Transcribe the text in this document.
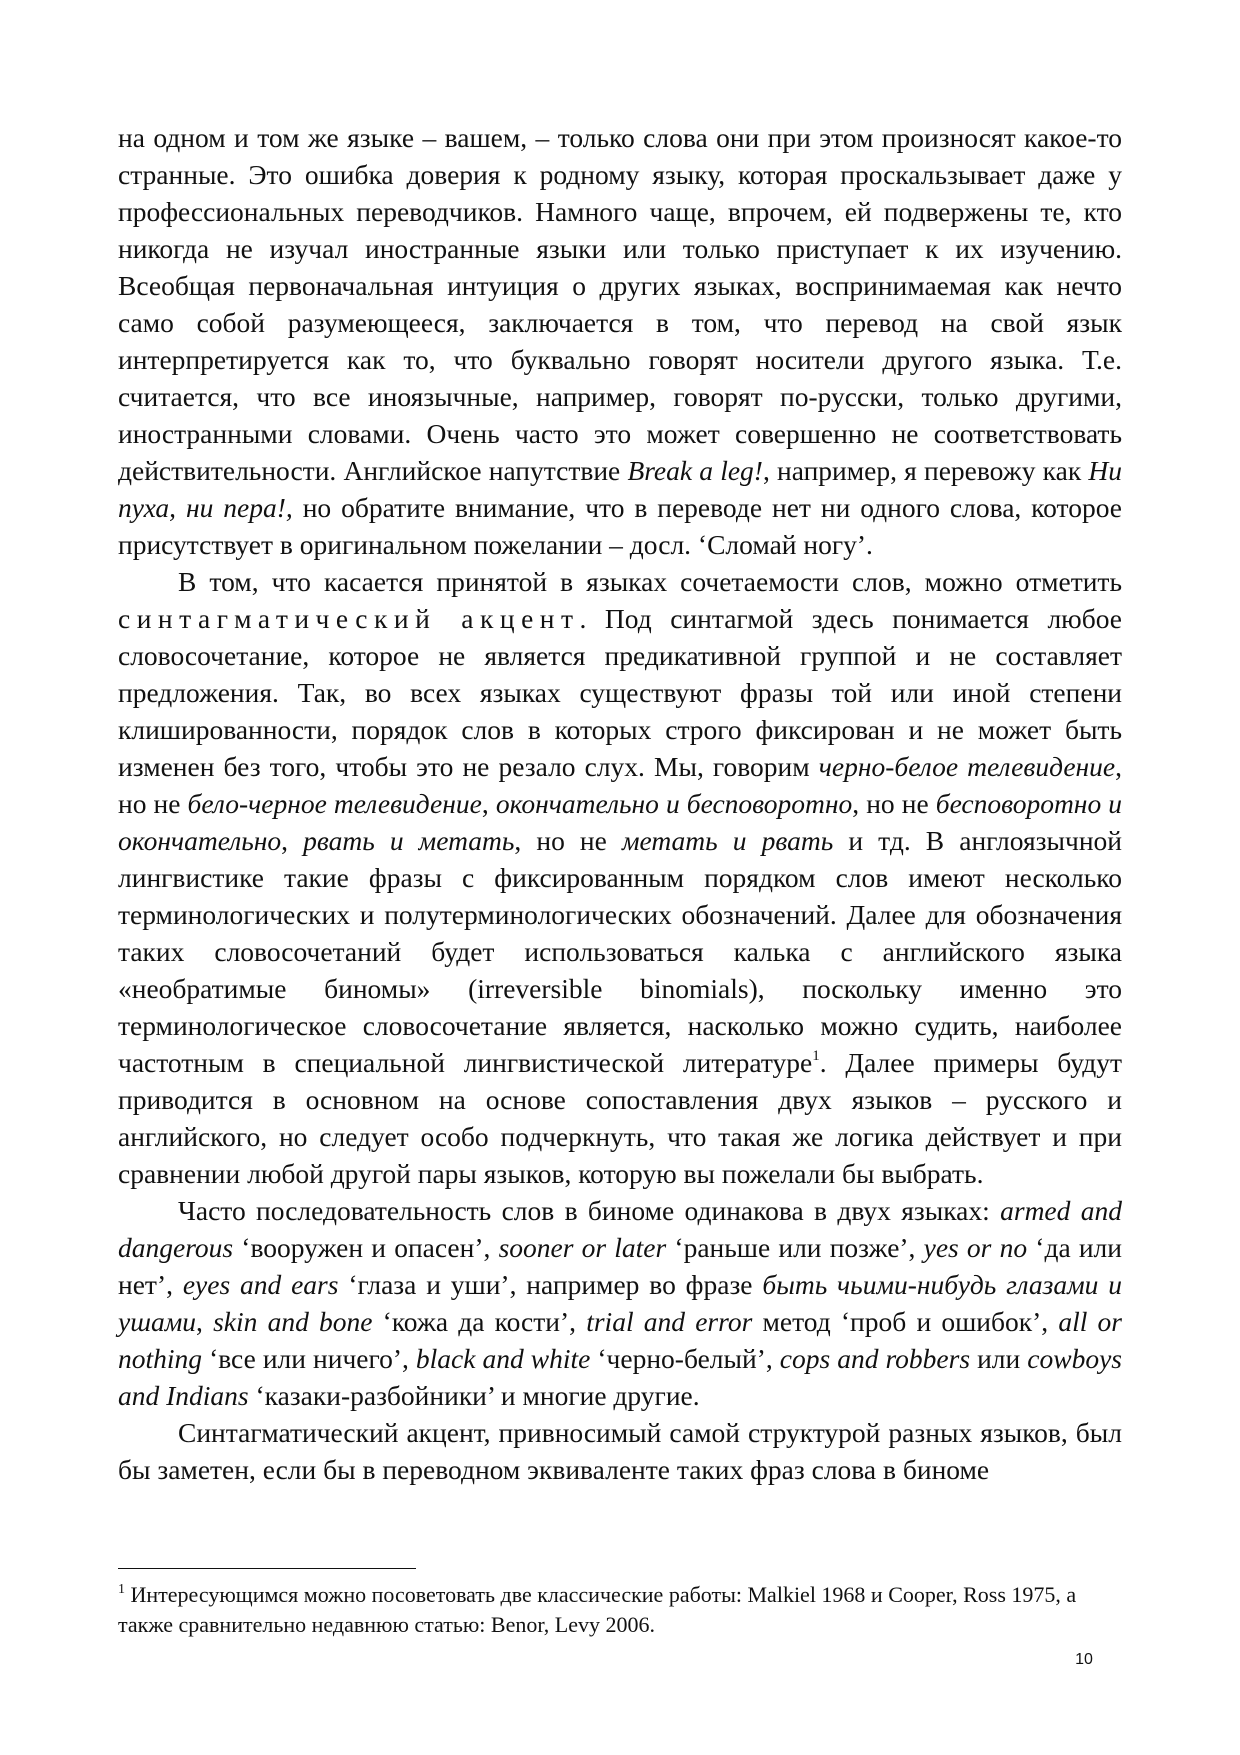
на одном и том же языке – вашем, – только слова они при этом произносят какое-то странные. Это ошибка доверия к родному языку, которая проскальзывает даже у профессиональных переводчиков. Намного чаще, впрочем, ей подвержены те, кто никогда не изучал иностранные языки или только приступает к их изучению. Всеобщая первоначальная интуиция о других языках, воспринимаемая как нечто само собой разумеющееся, заключается в том, что перевод на свой язык интерпретируется как то, что буквально говорят носители другого языка. Т.е. считается, что все иноязычные, например, говорят по-русски, только другими, иностранными словами. Очень часто это может совершенно не соответствовать действительности. Английское напутствие Break a leg!, например, я перевожу как Ни пуха, ни пера!, но обратите внимание, что в переводе нет ни одного слова, которое присутствует в оригинальном пожелании – досл. ‘Сломай ногу’.

В том, что касается принятой в языках сочетаемости слов, можно отметить синтагматический акцент. Под синтагмой здесь понимается любое словосочетание, которое не является предикативной группой и не составляет предложения. Так, во всех языках существуют фразы той или иной степени клишированности, порядок слов в которых строго фиксирован и не может быть изменен без того, чтобы это не резало слух. Мы, говорим черно-белое телевидение, но не бело-черное телевидение, окончательно и бесповоротно, но не бесповоротно и окончательно, рвать и метать, но не метать и рвать и тд. В англоязычной лингвистике такие фразы с фиксированным порядком слов имеют несколько терминологических и полутерминологических обозначений. Далее для обозначения таких словосочетаний будет использоваться калька с английского языка «необратимые биномы» (irreversible binomials), поскольку именно это терминологическое словосочетание является, насколько можно судить, наиболее частотным в специальной лингвистической литературе$^1$. Далее примеры будут приводится в основном на основе сопоставления двух языков – русского и английского, но следует особо подчеркнуть, что такая же логика действует и при сравнении любой другой пары языков, которую вы пожелали бы выбрать.

Часто последовательность слов в биноме одинакова в двух языках: armed and dangerous ‘вооружен и опасен’, sooner or later ‘раньше или позже’, yes or no ‘да или нет’, eyes and ears ‘глаза и уши’, например во фразе быть чьими-нибудь глазами и ушами, skin and bone ‘кожа да кости’, trial and error метод ‘проб и ошибок’, all or nothing ‘все или ничего’, black and white ‘черно-белый’, cops and robbers или cowboys and Indians ‘казаки-разбойники’ и многие другие.

Синтагматический акцент, привносимый самой структурой разных языков, был бы заметен, если бы в переводном эквиваленте таких фраз слова в биноме

$^1$ Интересующимся можно посоветовать две классические работы: Malkiel 1968 и Cooper, Ross 1975, а также сравнительно недавнюю статью: Benor, Levy 2006.
10
